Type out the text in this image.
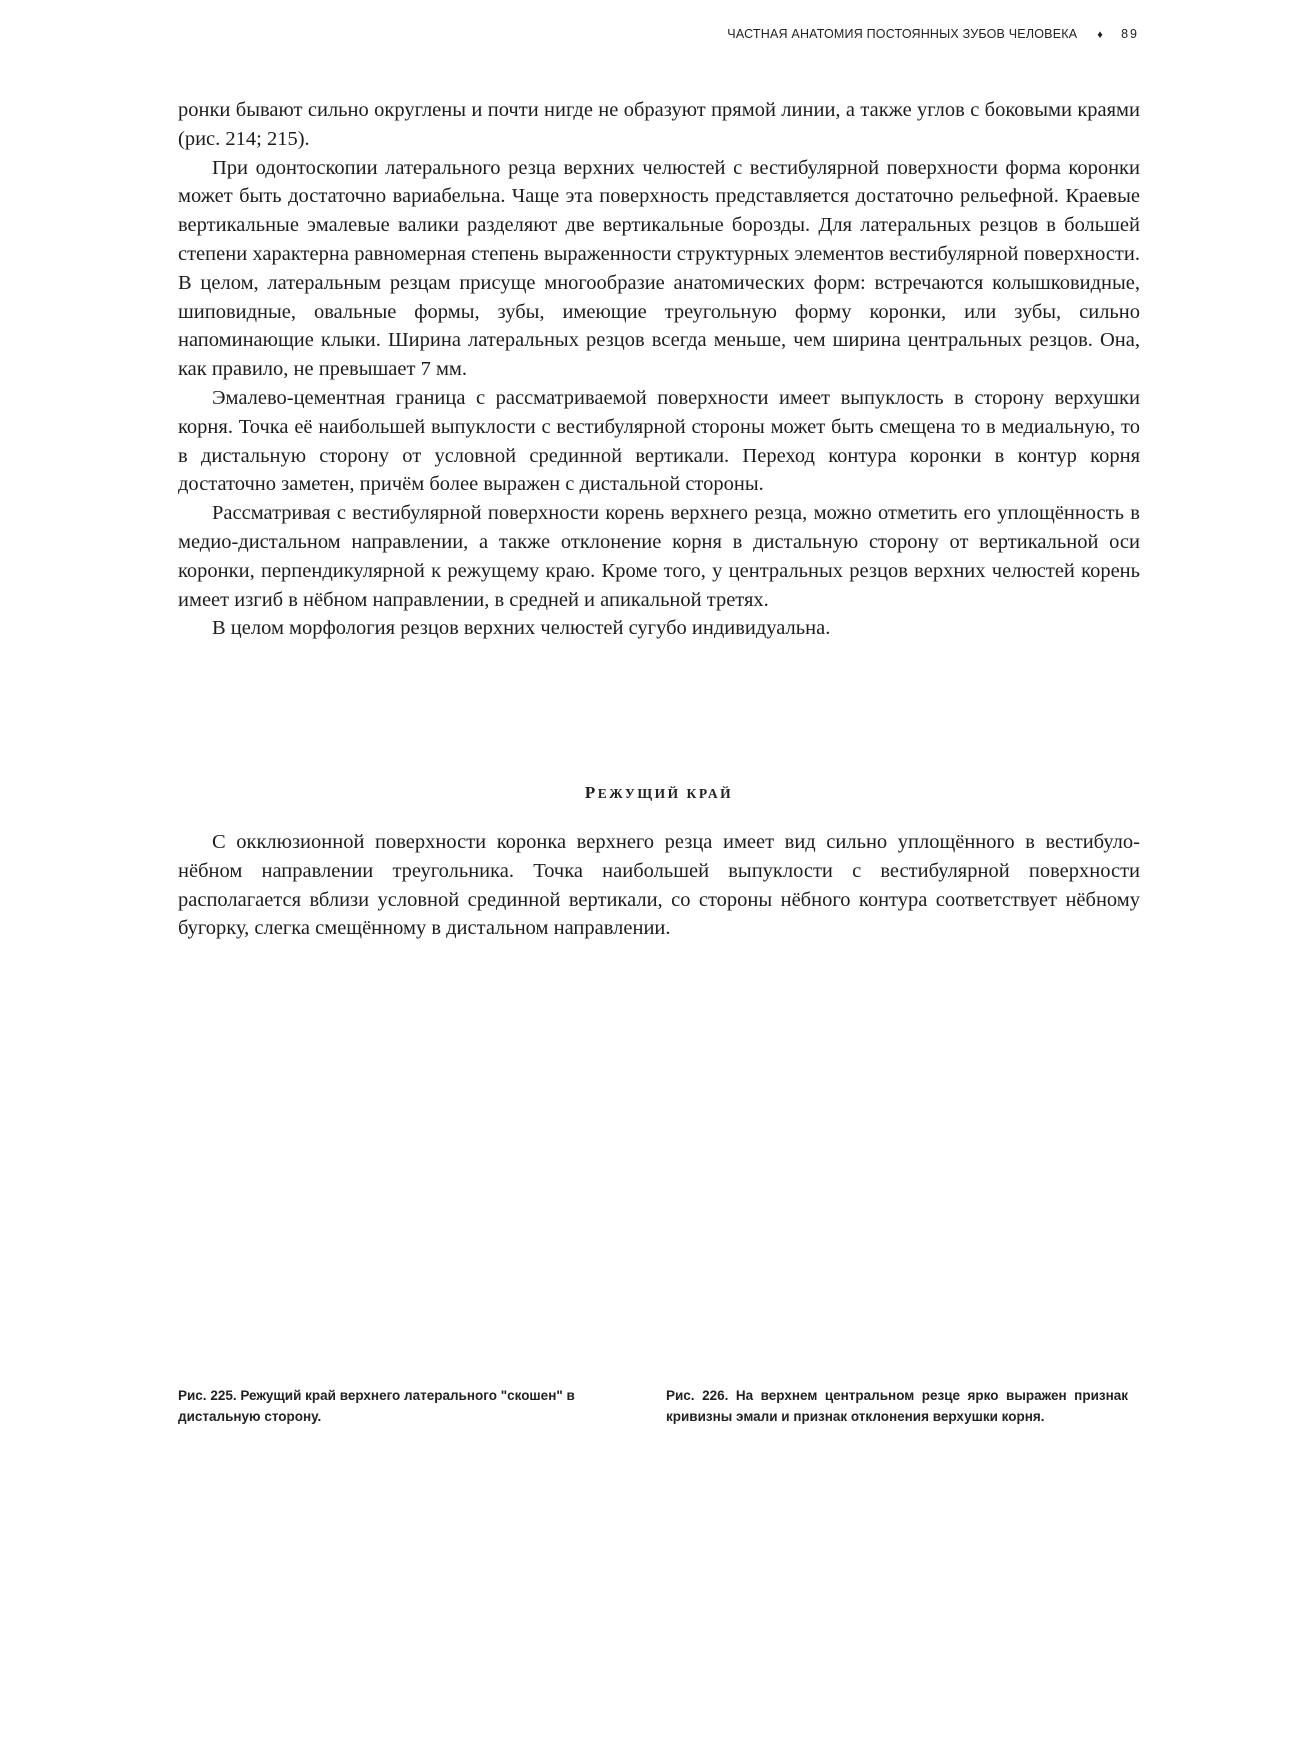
ЧАСТНАЯ АНАТОМИЯ ПОСТОЯННЫХ ЗУБОВ ЧЕЛОВЕКА ♦ 89

ронки бывают сильно округлены и почти нигде не образуют прямой линии, а также углов с боковыми краями (рис. 214; 215).

При одонтоскопии латерального резца верхних челюстей с вестибулярной поверхности форма коронки может быть достаточно вариабельна. Чаще эта поверхность представляется достаточно рельефной. Краевые вертикальные эмалевые валики разделяют две вертикальные борозды. Для латеральных резцов в большей степени характерна равномерная степень выраженности структурных элементов вестибулярной поверхности. В целом, латеральным резцам присуще многообразие анатомических форм: встречаются колышковидные, шиповидные, овальные формы, зубы, имеющие треугольную форму коронки, или зубы, сильно напоминающие клыки. Ширина латеральных резцов всегда меньше, чем ширина центральных резцов. Она, как правило, не превышает 7 мм.

Эмалево-цементная граница с рассматриваемой поверхности имеет выпуклость в сторону верхушки корня. Точка её наибольшей выпуклости с вестибулярной стороны может быть смещена то в медиальную, то в дистальную сторону от условной срединной вертикали. Переход контура коронки в контур корня достаточно заметен, причём более выражен с дистальной стороны.

Рассматривая с вестибулярной поверхности корень верхнего резца, можно отметить его уплощённость в медио-дистальном направлении, а также отклонение корня в дистальную сторону от вертикальной оси коронки, перпендикулярной к режущему краю. Кроме того, у центральных резцов верхних челюстей корень имеет изгиб в нёбном направлении, в средней и апикальной третях.

В целом морфология резцов верхних челюстей сугубо индивидуальна.

РЕЖУЩИЙ КРАЙ

С окклюзионной поверхности коронка верхнего резца имеет вид сильно уплощённого в вестибуло-нёбном направлении треугольника. Точка наибольшей выпуклости с вестибулярной поверхности располагается вблизи условной срединной вертикали, со стороны нёбного контура соответствует нёбному бугорку, слегка смещённому в дистальном направлении.

Рис. 225. Режущий край верхнего латерального "скошен" в дистальную сторону.
Рис. 226. На верхнем центральном резце ярко выражен признак кривизны эмали и признак отклонения верхушки корня.
